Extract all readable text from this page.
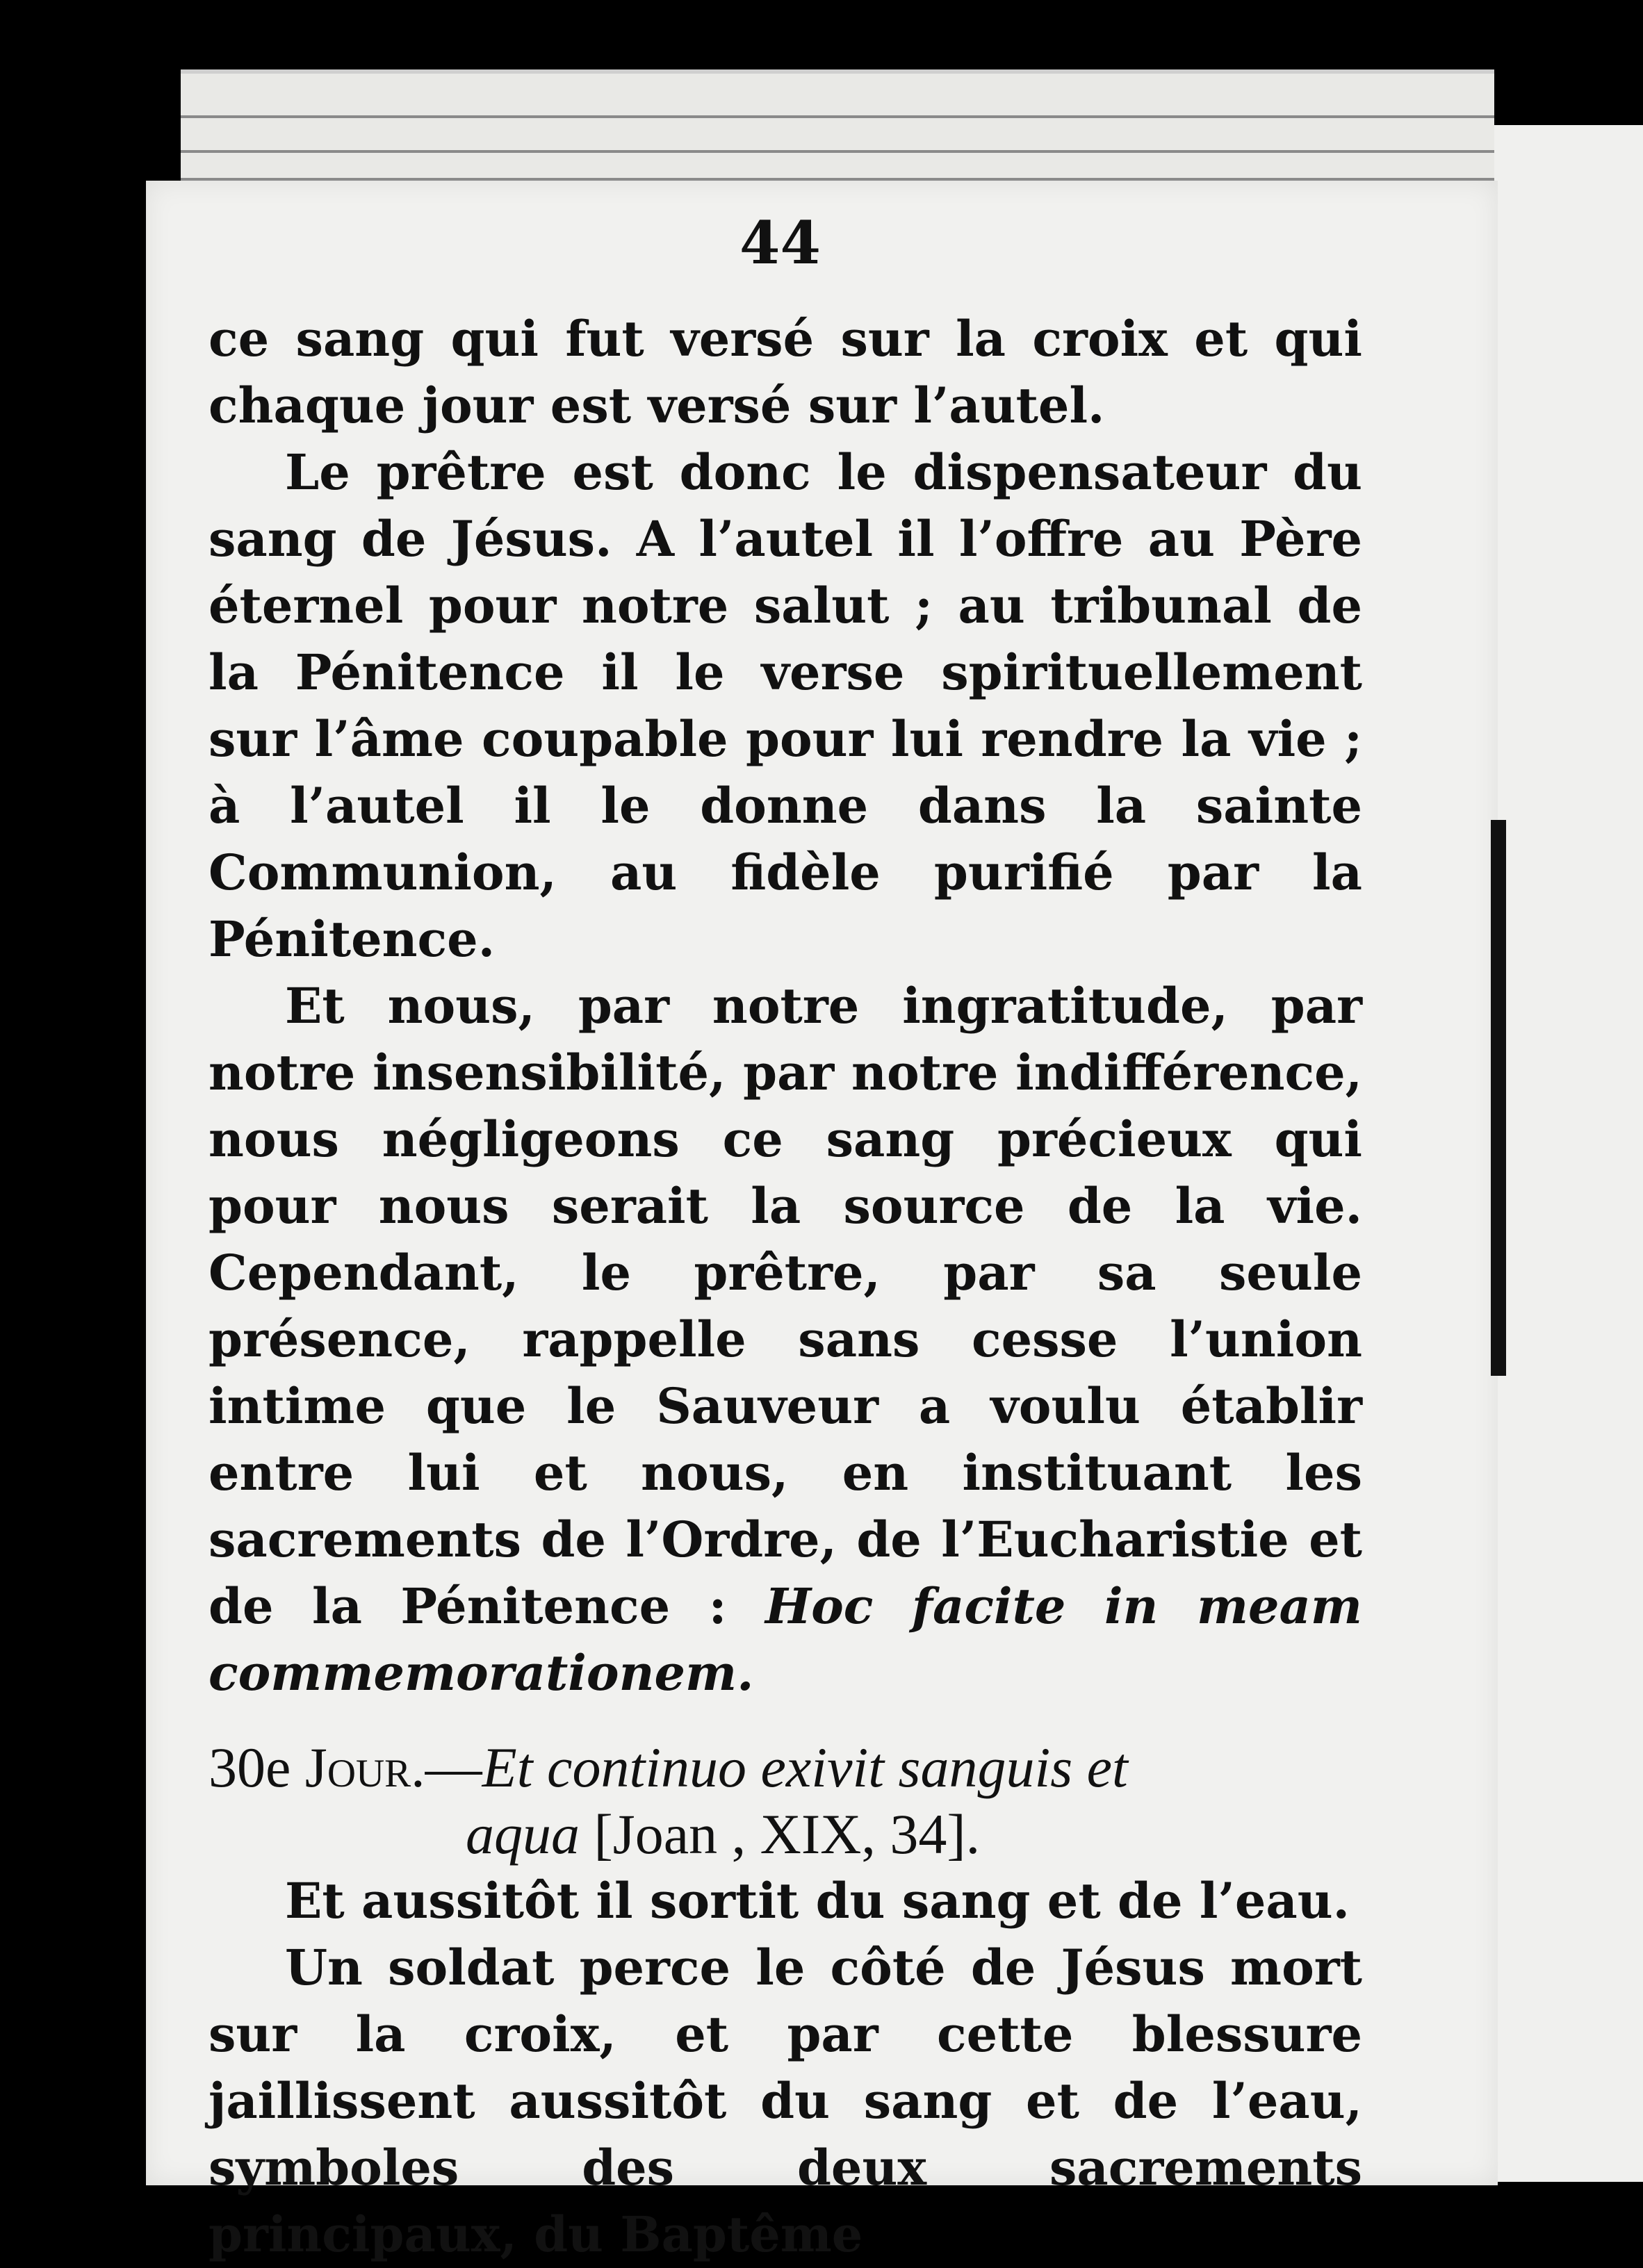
44

ce sang qui fut versé sur la croix et qui chaque jour est versé sur l’autel.

Le prêtre est donc le dispensateur du sang de Jésus. A l’autel il l’offre au Père éternel pour notre salut ; au tribunal de la Pénitence il le verse spirituellement sur l’âme coupable pour lui rendre la vie ; à l’autel il le donne dans la sainte Communion, au fidèle purifié par la Pénitence.

Et nous, par notre ingratitude, par notre insensibilité, par notre indifférence, nous négligeons ce sang précieux qui pour nous serait la source de la vie. Cependant, le prêtre, par sa seule présence, rappelle sans cesse l’union intime que le Sauveur a voulu établir entre lui et nous, en instituant les sacrements de l’Ordre, de l’Eucharistie et de la Pénitence : Hoc facite in meam commemorationem.

30e Jour.—Et continuo exivit sanguis et

aqua [Joan , XIX, 34].

Et aussitôt il sortit du sang et de l’eau.

Un soldat perce le côté de Jésus mort sur la croix, et par cette blessure jaillissent aussitôt du sang et de l’eau, symboles des deux sacrements principaux, du Baptême
